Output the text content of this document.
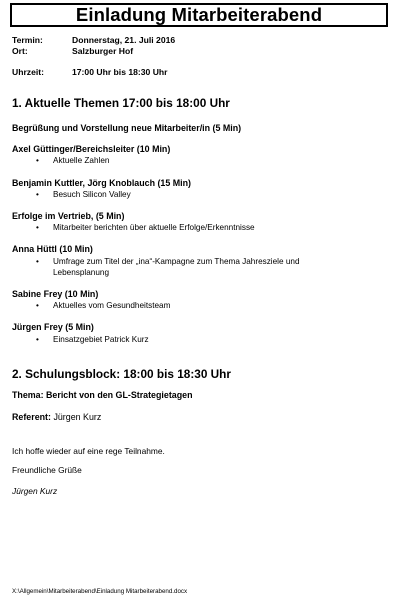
Einladung Mitarbeiterabend
Termin:	Donnerstag, 21. Juli 2016
Ort:	Salzburger Hof
Uhrzeit:	17:00 Uhr bis 18:30 Uhr
1. Aktuelle Themen 17:00 bis 18:00 Uhr
Begrüßung und Vorstellung neue Mitarbeiter/in (5 Min)
Axel Güttinger/Bereichsleiter (10 Min)
• Aktuelle Zahlen
Benjamin Kuttler, Jörg Knoblauch (15 Min)
• Besuch Silicon Valley
Erfolge im Vertrieb, (5 Min)
• Mitarbeiter berichten über aktuelle Erfolge/Erkenntnisse
Anna Hüttl (10 Min)
• Umfrage zum Titel der „ina“-Kampagne zum Thema Jahresziele und Lebensplanung
Sabine Frey (10 Min)
• Aktuelles vom Gesundheitsteam
Jürgen Frey (5 Min)
• Einsatzgebiet Patrick Kurz
2. Schulungsblock: 18:00 bis 18:30 Uhr
Thema: Bericht von den GL-Strategietagen
Referent: Jürgen Kurz
Ich hoffe wieder auf eine rege Teilnahme.
Freundliche Grüße
Jürgen Kurz
X:\Allgemein\Mitarbeiterabend\Einladung Mitarbeiterabend.docx
